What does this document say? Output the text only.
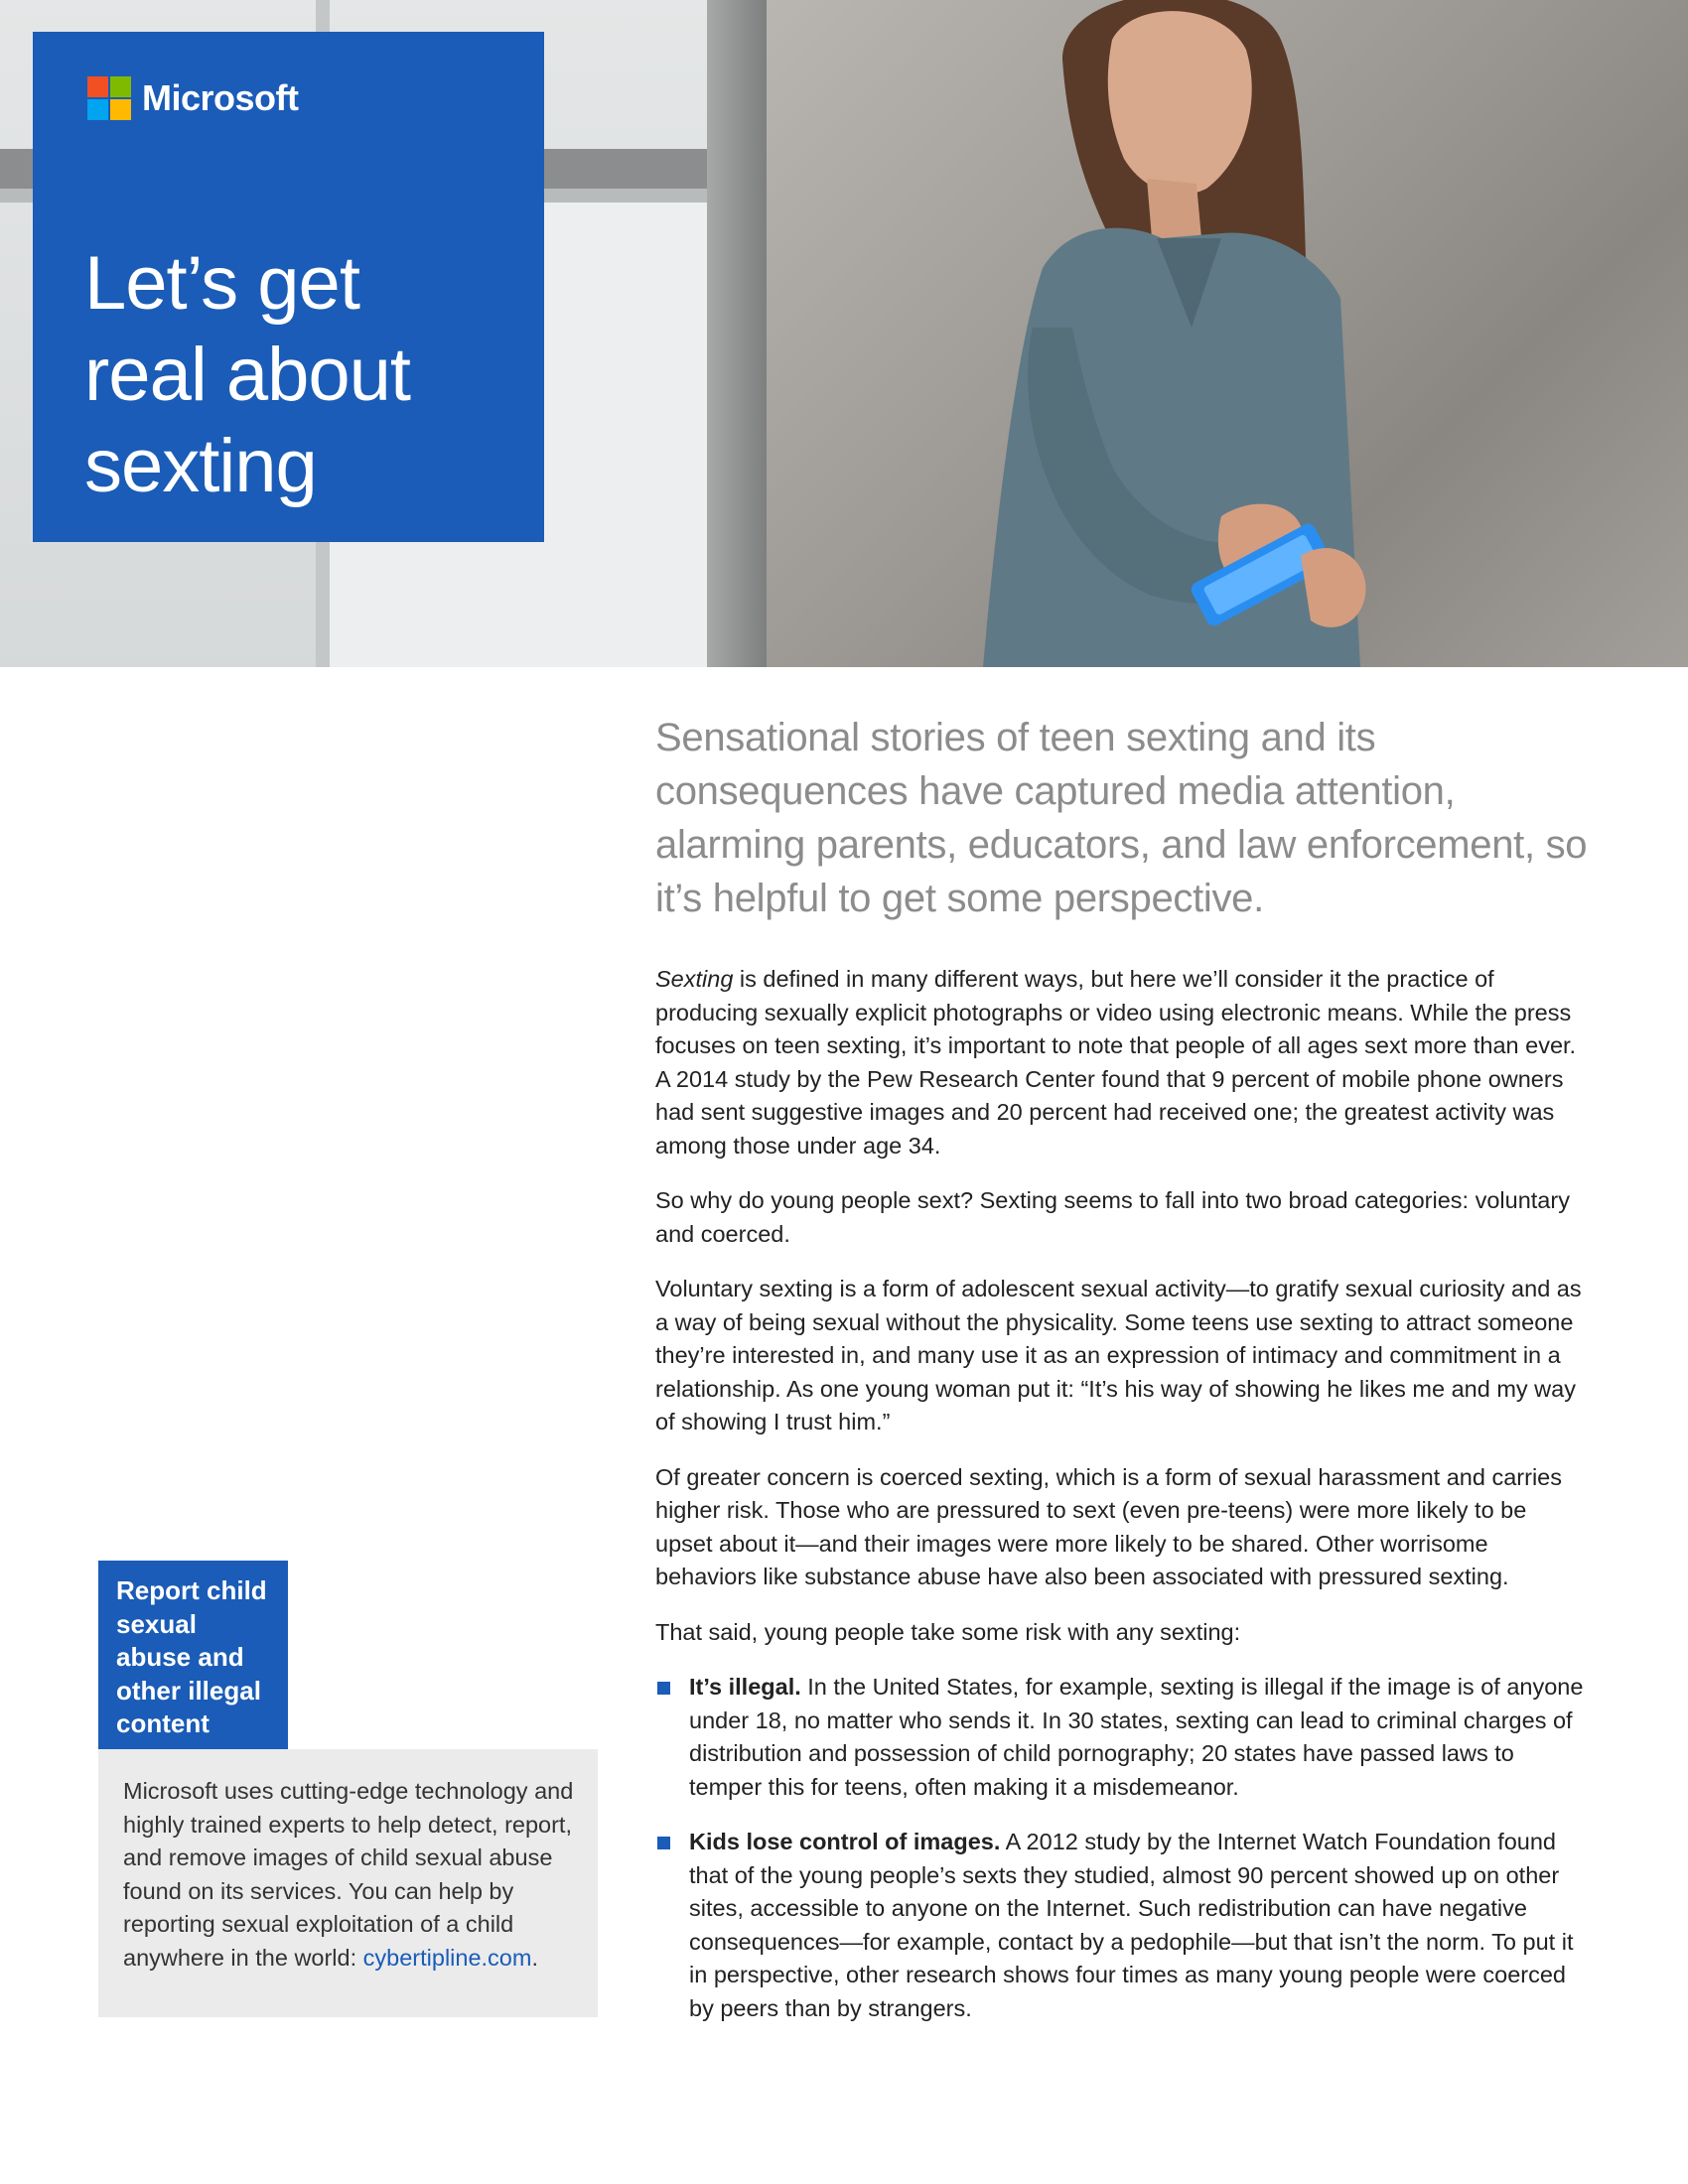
Microsoft
Let’s get
real about
sexting
Sensational stories of teen sexting and its consequences have captured media attention, alarming parents, educators, and law enforcement, so it’s helpful to get some perspective.

Sexting is defined in many different ways, but here we’ll consider it the practice of producing sexually explicit photographs or video using electronic means. While the press focuses on teen sexting, it’s important to note that people of all ages sext more than ever. A 2014 study by the Pew Research Center found that 9 percent of mobile phone owners had sent suggestive images and 20 percent had received one; the greatest activity was among those under age 34.

So why do young people sext? Sexting seems to fall into two broad categories: voluntary and coerced.

Voluntary sexting is a form of adolescent sexual activity—to gratify sexual curiosity and as a way of being sexual without the physicality. Some teens use sexting to attract someone they’re interested in, and many use it as an expression of intimacy and commitment in a relationship. As one young woman put it: “It’s his way of showing he likes me and my way of showing I trust him.”

Of greater concern is coerced sexting, which is a form of sexual harassment and carries higher risk. Those who are pressured to sext (even pre-teens) were more likely to be upset about it—and their images were more likely to be shared. Other worrisome behaviors like substance abuse have also been associated with pressured sexting.

That said, young people take some risk with any sexting:

It’s illegal. In the United States, for example, sexting is illegal if the image is of anyone under 18, no matter who sends it. In 30 states, sexting can lead to criminal charges of distribution and possession of child pornography; 20 states have passed laws to temper this for teens, often making it a misdemeanor.
Kids lose control of images. A 2012 study by the Internet Watch Foundation found that of the young people’s sexts they studied, almost 90 percent showed up on other sites, accessible to anyone on the Internet. Such redistribution can have negative consequences—for example, contact by a pedophile—but that isn’t the norm. To put it in perspective, other research shows four times as many young people were coerced by peers than by strangers.
Report child sexual abuse and other illegal content
Microsoft uses cutting-edge technology and highly trained experts to help detect, report, and remove images of child sexual abuse found on its services. You can help by reporting sexual exploitation of a child anywhere in the world: cybertipline.com.
